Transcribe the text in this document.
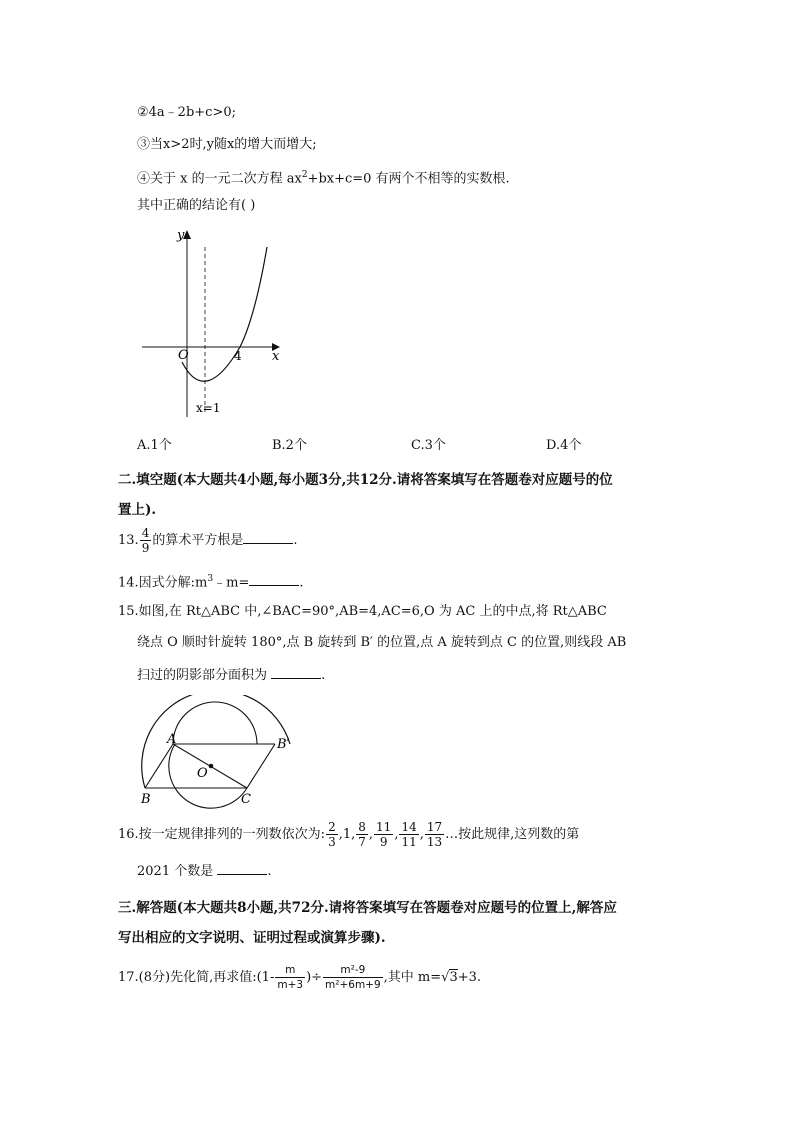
②4a﹣2b+c>0;
③当x>2时,y随x的增大而增大;
④关于 x 的一元二次方程 $ax^2+bx+c=0$ 有两个不相等的实数根.
其中正确的结论有( )
y
x
O	4
x=1
A.1个	B.2个	C.3个	D.4个
二.填空题(本大题共4小题,每小题3分,共12分.请将答案填写在答题卷对应题号的位
置上).
13. $\frac{4}{9}$ 的算术平方根是	.
14.因式分解$:m^3﹣m=$	.
15.如图,在 Rt△ABC 中,∠BAC=90°,AB=4,AC=6,O 为 AC 上的中点,将 Rt△ABC
绕点 O 顺时针旋转 180°,点 B 旋转到 B′ 的位置,点 A 旋转到点 C 的位置,则线段 AB
扫过的阴影部分面积为	.
A	B′
O
B	C
16.按一定规律排列的一列数依次为: $\frac{2}{3} ,1$, $\frac{8}{7}$ , $\frac{11}{9}$ , $\frac{14}{11}$ , $\frac{17}{13}$ …按此规律,这列数的第
2021 个数是	.
三.解答题(本大题共8小题,共72分.请将答案填写在答题卷对应题号的位置上,解答应
写出相应的文字说明、证明过程或演算步骤).
17.(8分)先化简,再求值:(1- $\frac{m}{m+3}$ )÷ $\frac{\text{m²-9}}{\text{m²+6m+9}}$ ,其中 m=√3+3.
